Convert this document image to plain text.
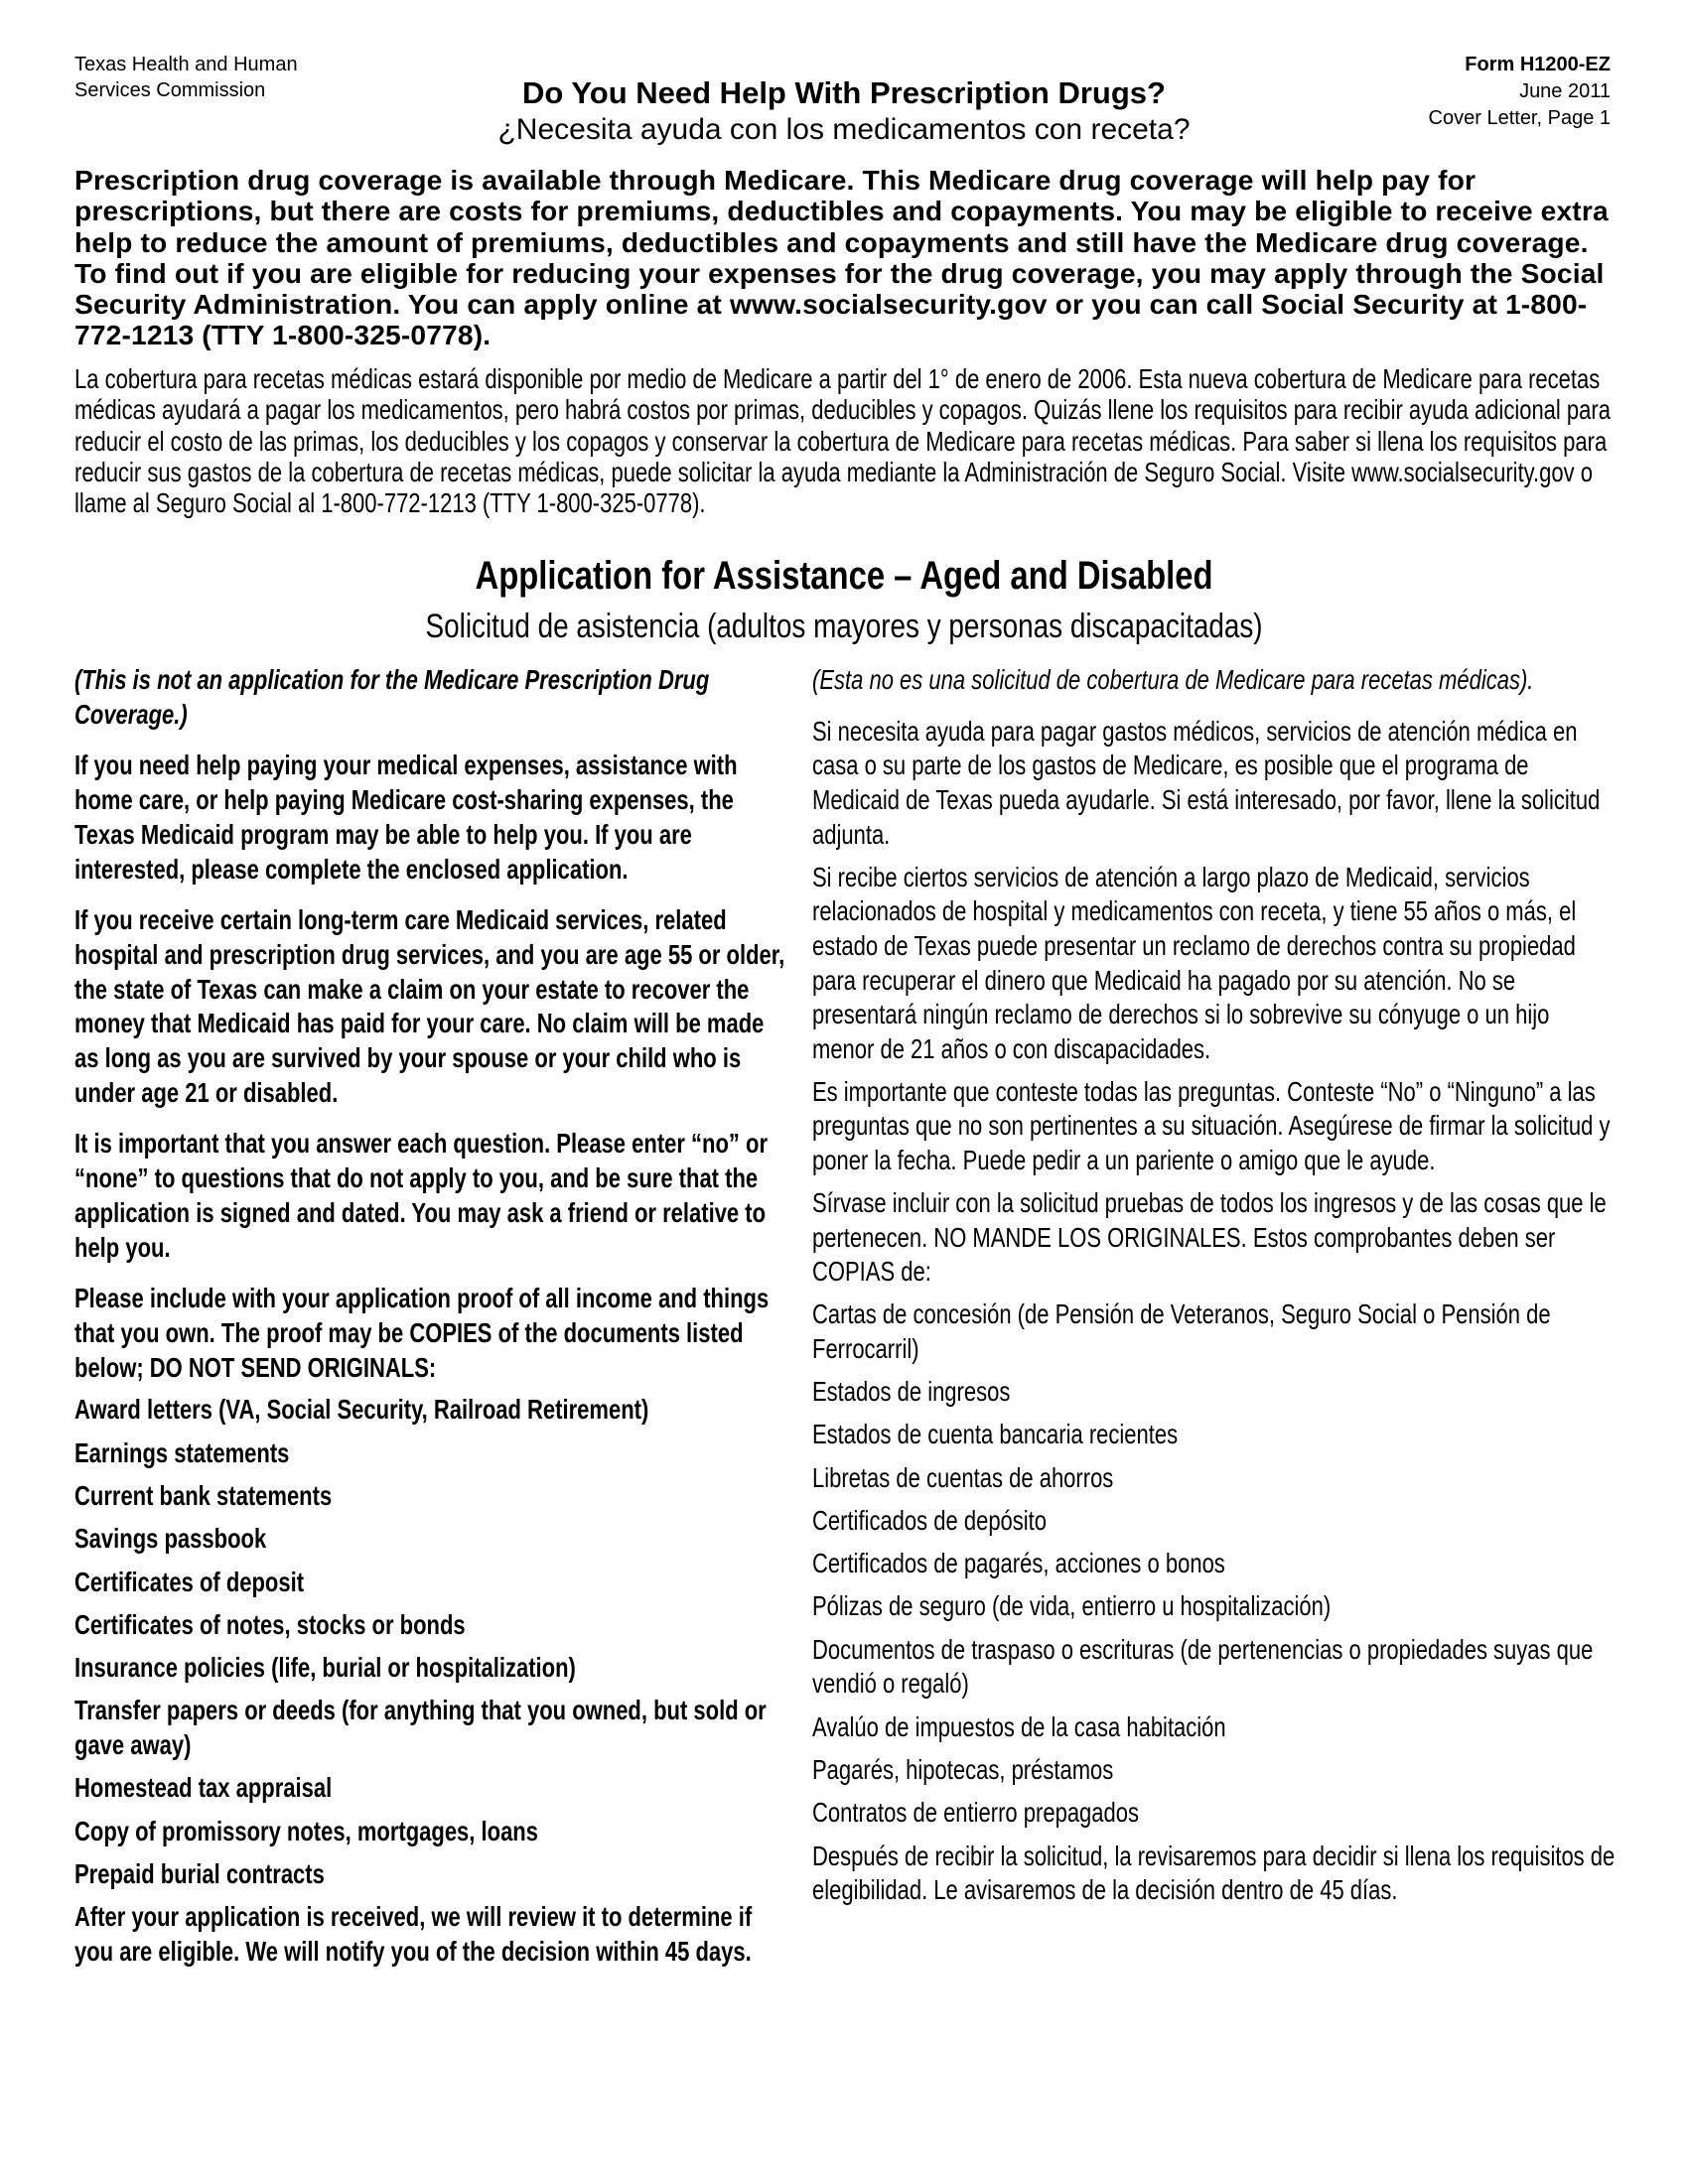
Texas Health and Human
Services Commission	Do You Need Help With Prescription Drugs?
¿Necesita ayuda con los medicamentos con receta?
Form H1200-EZ
June 2011
Cover Letter, Page 1
Prescription drug coverage is available through Medicare. This Medicare drug coverage will help pay for prescriptions, but there are costs for premiums, deductibles and copayments. You may be eligible to receive extra help to reduce the amount of premiums, deductibles and copayments and still have the Medicare drug coverage. To find out if you are eligible for reducing your expenses for the drug coverage, you may apply through the Social Security Administration. You can apply online at www.socialsecurity.gov or you can call Social Security at 1-800-772-1213 (TTY 1-800-325-0778).
La cobertura para recetas médicas estará disponible por medio de Medicare a partir del 1° de enero de 2006. Esta nueva cobertura de Medicare para recetas médicas ayudará a pagar los medicamentos, pero habrá costos por primas, deducibles y copagos. Quizás llene los requisitos para recibir ayuda adicional para reducir el costo de las primas, los deducibles y los copagos y conservar la cobertura de Medicare para recetas médicas. Para saber si llena los requisitos para reducir sus gastos de la cobertura de recetas médicas, puede solicitar la ayuda mediante la Administración de Seguro Social. Visite www.socialsecurity.gov o llame al Seguro Social al 1-800-772-1213 (TTY 1-800-325-0778).
Application for Assistance – Aged and Disabled
Solicitud de asistencia (adultos mayores y personas discapacitadas)

(This is not an application for the Medicare Prescription Drug Coverage.)

If you need help paying your medical expenses, assistance with home care, or help paying Medicare cost-sharing expenses, the Texas Medicaid program may be able to help you. If you are interested, please complete the enclosed application.

If you receive certain long-term care Medicaid services, related hospital and prescription drug services, and you are age 55 or older, the state of Texas can make a claim on your estate to recover the money that Medicaid has paid for your care. No claim will be made as long as you are survived by your spouse or your child who is under age 21 or disabled.

It is important that you answer each question. Please enter “no” or “none” to questions that do not apply to you, and be sure that the application is signed and dated. You may ask a friend or relative to help you.

Please include with your application proof of all income and things that you own. The proof may be COPIES of the documents listed below; DO NOT SEND ORIGINALS:

Award letters (VA, Social Security, Railroad Retirement)
Earnings statements
Current bank statements
Savings passbook
Certificates of deposit
Certificates of notes, stocks or bonds
Insurance policies (life, burial or hospitalization)
Transfer papers or deeds (for anything that you owned, but sold or gave away)
Homestead tax appraisal
Copy of promissory notes, mortgages, loans
Prepaid burial contracts

After your application is received, we will review it to determine if you are eligible. We will notify you of the decision within 45 days.

(Esta no es una solicitud de cobertura de Medicare para recetas médicas).

Si necesita ayuda para pagar gastos médicos, servicios de atención médica en casa o su parte de los gastos de Medicare, es posible que el programa de Medicaid de Texas pueda ayudarle. Si está interesado, por favor, llene la solicitud adjunta.

Si recibe ciertos servicios de atención a largo plazo de Medicaid, servicios relacionados de hospital y medicamentos con receta, y tiene 55 años o más, el estado de Texas puede presentar un reclamo de derechos contra su propiedad para recuperar el dinero que Medicaid ha pagado por su atención. No se presentará ningún reclamo de derechos si lo sobrevive su cónyuge o un hijo menor de 21 años o con discapacidades.

Es importante que conteste todas las preguntas. Conteste “No” o “Ninguno” a las preguntas que no son pertinentes a su situación. Asegúrese de firmar la solicitud y poner la fecha. Puede pedir a un pariente o amigo que le ayude.

Sírvase incluir con la solicitud pruebas de todos los ingresos y de las cosas que le pertenecen. NO MANDE LOS ORIGINALES. Estos comprobantes deben ser COPIAS de:

Cartas de concesión (de Pensión de Veteranos, Seguro Social o Pensión de Ferrocarril)
Estados de ingresos
Estados de cuenta bancaria recientes
Libretas de cuentas de ahorros
Certificados de depósito
Certificados de pagarés, acciones o bonos
Pólizas de seguro (de vida, entierro u hospitalización)
Documentos de traspaso o escrituras (de pertenencias o propiedades suyas que vendió o regaló)
Avalúo de impuestos de la casa habitación
Pagarés, hipotecas, préstamos
Contratos de entierro prepagados

Después de recibir la solicitud, la revisaremos para decidir si llena los requisitos de elegibilidad. Le avisaremos de la decisión dentro de 45 días.
